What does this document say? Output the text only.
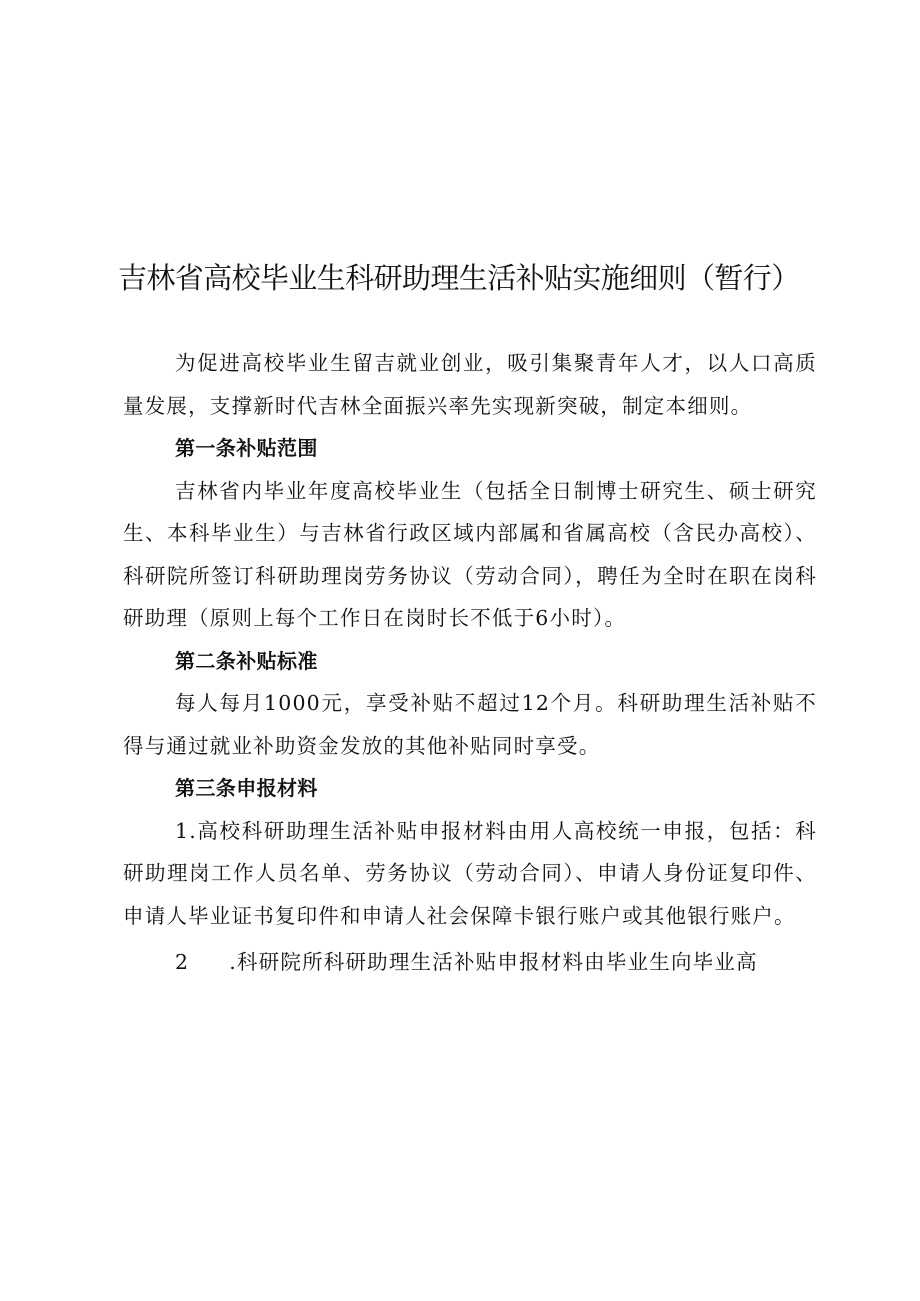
吉林省高校毕业生科研助理生活补贴实施细则（暂行）

为促进高校毕业生留吉就业创业，吸引集聚青年人才，以人口高质量发展，支撑新时代吉林全面振兴率先实现新突破，制定本细则。

第一条补贴范围

吉林省内毕业年度高校毕业生（包括全日制博士研究生、硕士研究生、本科毕业生）与吉林省行政区域内部属和省属高校（含民办高校）、科研院所签订科研助理岗劳务协议（劳动合同），聘任为全时在职在岗科研助理（原则上每个工作日在岗时长不低于6小时）。

第二条补贴标准

每人每月1000元，享受补贴不超过12个月。科研助理生活补贴不得与通过就业补助资金发放的其他补贴同时享受。

第三条申报材料

1.高校科研助理生活补贴申报材料由用人高校统一申报，包括：科研助理岗工作人员名单、劳务协议（劳动合同）、申请人身份证复印件、申请人毕业证书复印件和申请人社会保障卡银行账户或其他银行账户。

2 .科研院所科研助理生活补贴申报材料由毕业生向毕业高
